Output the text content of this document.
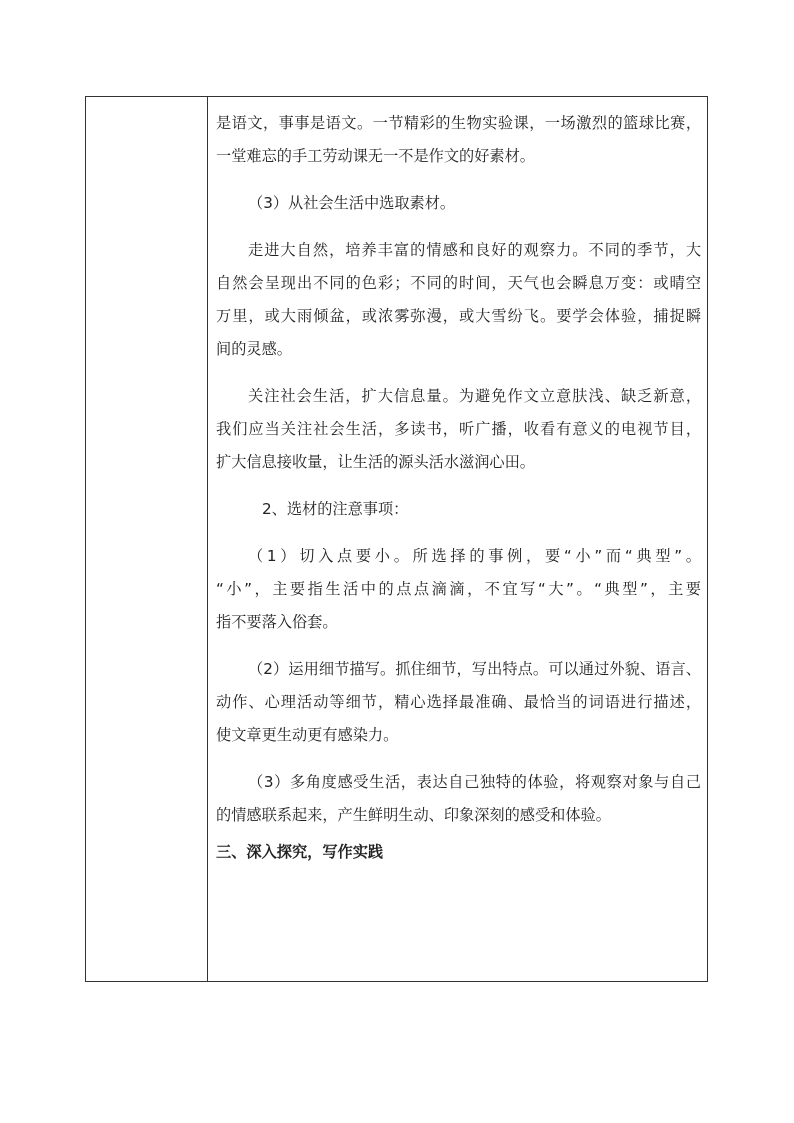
是语文，事事是语文。一节精彩的生物实验课，一场激烈的篮球比赛，
一堂难忘的手工劳动课无一不是作文的好素材。
（3）从社会生活中选取素材。
走进大自然，培养丰富的情感和良好的观察力。不同的季节，大
自然会呈现出不同的色彩；不同的时间，天气也会瞬息万变：或晴空
万里，或大雨倾盆，或浓雾弥漫，或大雪纷飞。要学会体验，捕捉瞬
间的灵感。
关注社会生活，扩大信息量。为避免作文立意肤浅、缺乏新意，
我们应当关注社会生活，多读书，听广播，收看有意义的电视节目，
扩大信息接收量，让生活的源头活水滋润心田。
2、选材的注意事项：
（1）切入点要小。所选择的事例，要“小”而“典型”。
“小”，主要指生活中的点点滴滴，不宜写“大”。“典型”，主要
指不要落入俗套。
（2）运用细节描写。抓住细节，写出特点。可以通过外貌、语言、
动作、心理活动等细节，精心选择最准确、最恰当的词语进行描述，
使文章更生动更有感染力。
（3）多角度感受生活，表达自己独特的体验，将观察对象与自己
的情感联系起来，产生鲜明生动、印象深刻的感受和体验。
三、深入探究，写作实践
